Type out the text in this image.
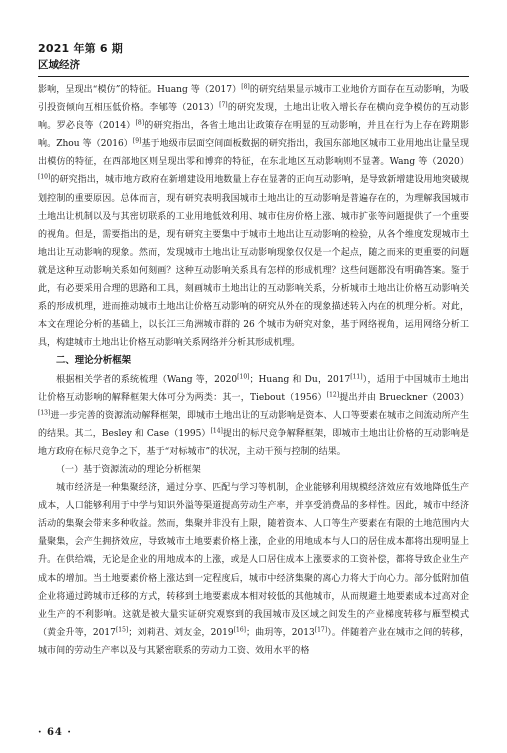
2021 年第 6 期
区域经济

影响，呈现出“模仿”的特征。Huang 等（2017）[8]的研究结果显示城市工业地价方面存在互动影响，为吸引投资倾向互相压低价格。李郇等（2013）[7]的研究发现，土地出让收入增长存在横向竞争模仿的互动影响。罗必良等（2014）[8]的研究指出，各省土地出让政策存在明显的互动影响，并且在行为上存在跨期影响。Zhou 等（2016）[9]基于地级市层面空间面板数据的研究指出，我国东部地区城市工业用地出让量呈现出模仿的特征，在西部地区则呈现出零和博弈的特征，在东北地区互动影响则不显著。Wang 等（2020）[10]的研究指出，城市地方政府在新增建设用地数量上存在显著的正向互动影响，是导致新增建设用地突破规划控制的重要原因。总体而言，现有研究表明我国城市土地出让的互动影响是普遍存在的，为理解我国城市土地出让机制以及与其密切联系的工业用地低效利用、城市住房价格上涨、城市扩张等问题提供了一个重要的视角。但是，需要指出的是，现有研究主要集中于城市土地出让互动影响的检验，从各个维度发现城市土地出让互动影响的现象。然而，发现城市土地出让互动影响现象仅仅是一个起点，随之而来的更重要的问题就是这种互动影响关系如何刻画？这种互动影响关系具有怎样的形成机理？这些问题都没有明确答案。鉴于此，有必要采用合理的思路和工具，刻画城市土地出让的互动影响关系，分析城市土地出让价格互动影响关系的形成机理，进而推动城市土地出让价格互动影响的研究从外在的现象描述转入内在的机理分析。对此，本文在理论分析的基础上，以长江三角洲城市群的 26 个城市为研究对象，基于网络视角，运用网络分析工具，构建城市土地出让价格互动影响关系网络并分析其形成机理。

二、理论分析框架

根据相关学者的系统梳理（Wang 等，2020[10]；Huang 和 Du，2017[11]），适用于中国城市土地出让价格互动影响的解释框架大体可分为两类：其一，Tiebout（1956）[12]提出并由 Brueckner（2003）[13]进一步完善的资源流动解释框架，即城市土地出让的互动影响是资本、人口等要素在城市之间流动所产生的结果。其二，Besley 和 Case（1995）[14]提出的标尺竞争解释框架，即城市土地出让价格的互动影响是地方政府在标尺竞争之下，基于“对标城市”的状况，主动干预与控制的结果。

（一）基于资源流动的理论分析框架

城市经济是一种集聚经济，通过分享、匹配与学习等机制，企业能够利用规模经济效应有效地降低生产成本，人口能够利用于中学与知识外溢等渠道提高劳动生产率，并享受消费品的多样性。因此，城市中经济活动的集聚会带来多种收益。然而，集聚并非没有上限，随着资本、人口等生产要素在有限的土地范围内大量聚集，会产生拥挤效应，导致城市土地要素价格上涨，企业的用地成本与人口的居住成本都将出现明显上升。在供给端，无论是企业的用地成本的上涨，或是人口居住成本上涨要求的工资补偿，都将导致企业生产成本的增加。当土地要素价格上涨达到一定程度后，城市中经济集聚的离心力将大于向心力。部分低附加值企业将通过跨城市迁移的方式，转移到土地要素成本相对较低的其他城市，从而规避土地要素成本过高对企业生产的不利影响。这就是被大量实证研究观察到的我国城市及区域之间发生的产业梯度转移与雁型模式（黄金升等，2017[15]；刘莉君、刘友金，2019[16]；曲玥等，2013[17]）。伴随着产业在城市之间的转移，城市间的劳动生产率以及与其紧密联系的劳动力工资、效用水平的格

· 64 ·
